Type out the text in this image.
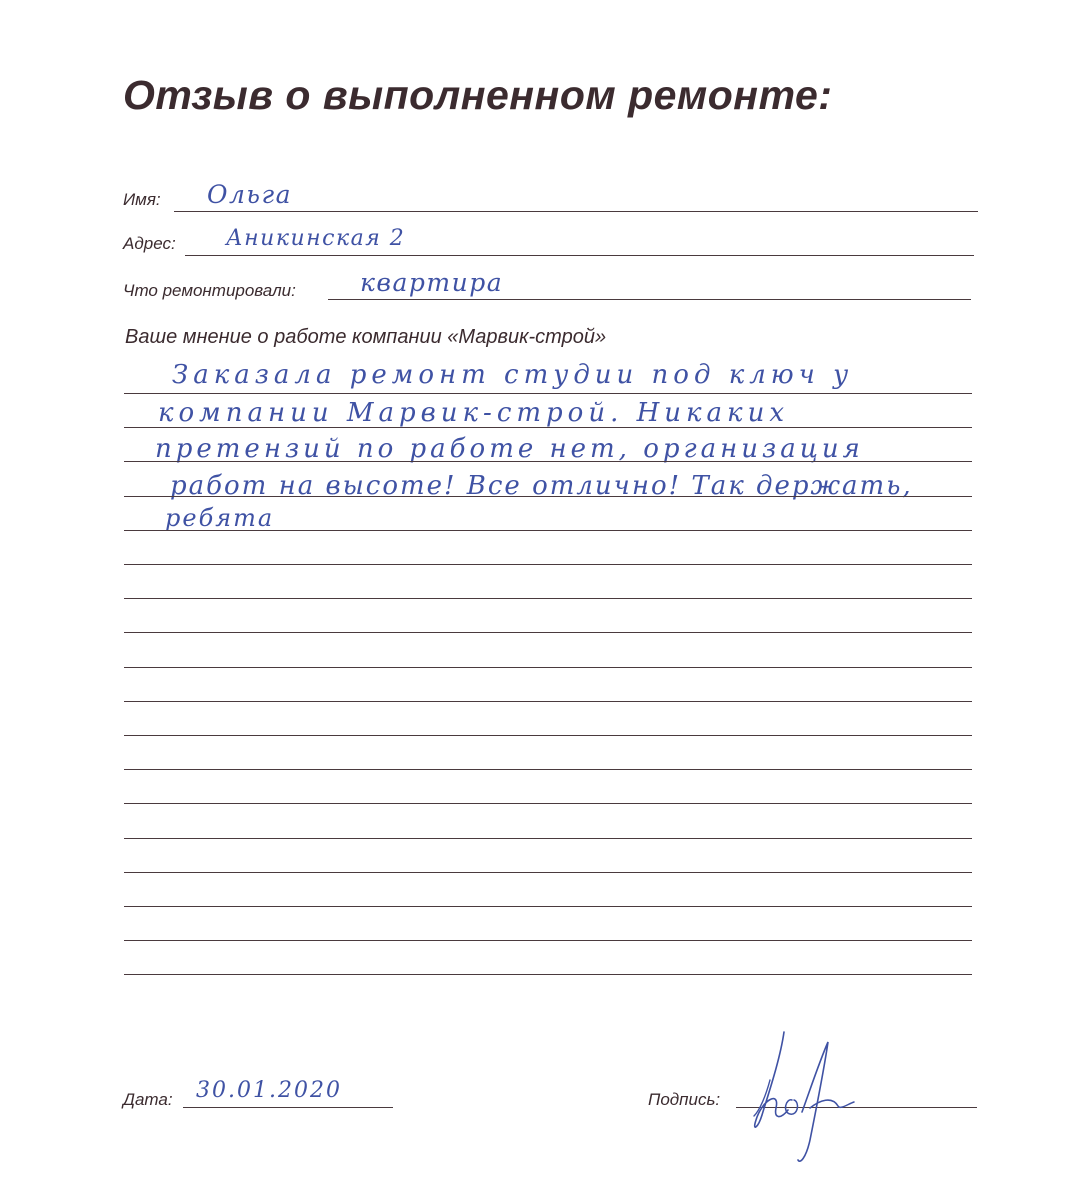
Отзыв о выполненном ремонте:
Имя: Ольга
Адрес: Аникинская 2
Что ремонтировали:	квартира
Ваше мнение о работе компании «Марвик-строй»
Заказала ремонт студии под ключ у
компании Марвик-строй. Никаких
претензий по работе нет, организация
работ на высоте! Все отлично! Так держать,
ребята
Дата: 30.01.2020	Подпись:
